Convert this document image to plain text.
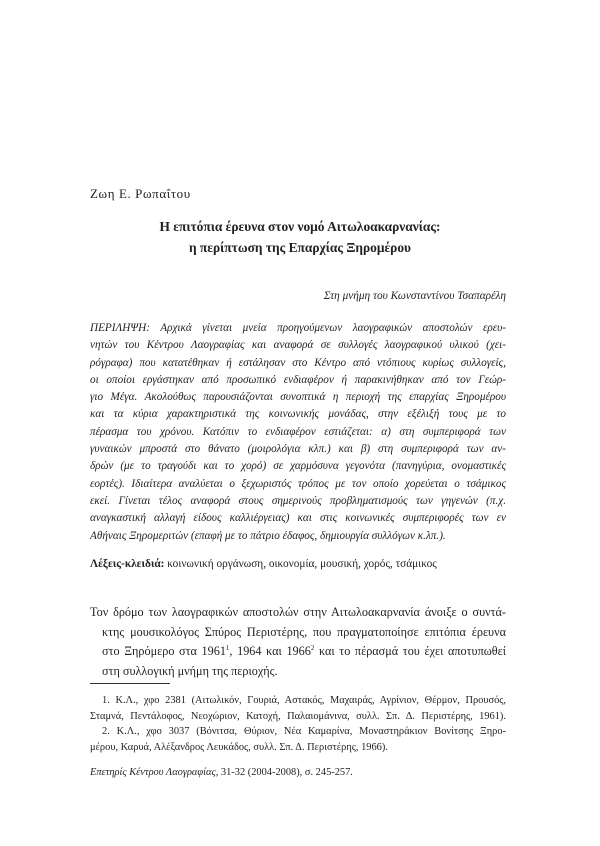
Ζωη Ε. Ρωπαΐτου
Η επιτόπια έρευνα στον νομό Αιτωλοακαρνανίας:
η περίπτωση της Επαρχίας Ξηρομέρου
Στη μνήμη του Κωνσταντίνου Τσαπαρέλη
ΠΕΡΙΛΗΨΗ: Αρχικά γίνεται μνεία προηγούμενων λαογραφικών αποστολών ερευ-
νητών του Κέντρου Λαογραφίας και αναφορά σε συλλογές λαογραφικού υλικού (χει-
ρόγραφα) που κατατέθηκαν ή εστάλησαν στο Κέντρο από ντόπιους κυρίως συλλογείς,
οι οποίοι εργάστηκαν από προσωπικό ενδιαφέρον ή παρακινήθηκαν από τον Γεώρ-
γιο Μέγα. Ακολούθως παρουσιάζονται συνοπτικά η περιοχή της επαρχίας Ξηρομέρου
και τα κύρια χαρακτηριστικά της κοινωνικής μονάδας, στην εξέλιξή τους με το
πέρασμα του χρόνου. Κατόπιν το ενδιαφέρον εστιάζεται: α) στη συμπεριφορά των
γυναικών μπροστά στο θάνατο (μοιρολόγια κλπ.) και β) στη συμπεριφορά των αν-
δρών (με το τραγούδι και το χορό) σε χαρμόσυνα γεγονότα (πανηγύρια, ονομαστικές
εορτές). Ιδιαίτερα αναλύεται ο ξεχωριστός τρόπος με τον οποίο χορεύεται ο τσάμικος
εκεί. Γίνεται τέλος αναφορά στους σημερινούς προβληματισμούς των γηγενών (π.χ.
αναγκαστική αλλαγή είδους καλλιέργειας) και στις κοινωνικές συμπεριφορές των εν
Αθήναις Ξηρομεριτών (επαφή με το πάτριο έδαφος, δημιουργία συλλόγων κ.λπ.).
Λέξεις-κλειδιά: κοινωνική οργάνωση, οικονομία, μουσική, χορός, τσάμικος
Τον δρόμο των λαογραφικών αποστολών στην Αιτωλοακαρνανία άνοιξε ο συντά-
κτης μουσικολόγος Σπύρος Περιστέρης, που πραγματοποίησε επιτόπια έρευνα
στο Ξηρόμερο στα 1961$^1$, 1964 και 1966$^2$ και το πέρασμά του έχει αποτυπωθεί
στη συλλογική μνήμη της περιοχής.
1. Κ.Λ., χφο 2381 (Αιτωλικόν, Γουριά, Αστακός, Μαχαιράς, Αγρίνιον, Θέρμον, Προυσός,
Σταμνά, Πεντάλοφος, Νεοχώριον, Κατοχή, Παλαιομάνινα, συλλ. Σπ. Δ. Περιστέρης, 1961).
2. Κ.Λ., χφο 3037 (Βόνιτσα, Θύριον, Νέα Καμαρίνα, Μοναστηράκιον Βονίτσης Ξηρο-
μέρου, Καρυά, Αλέξανδρος Λευκάδος, συλλ. Σπ. Δ. Περιστέρης, 1966).
Επετηρίς Κέντρου Λαογραφίας, 31-32 (2004-2008), σ. 245-257.
